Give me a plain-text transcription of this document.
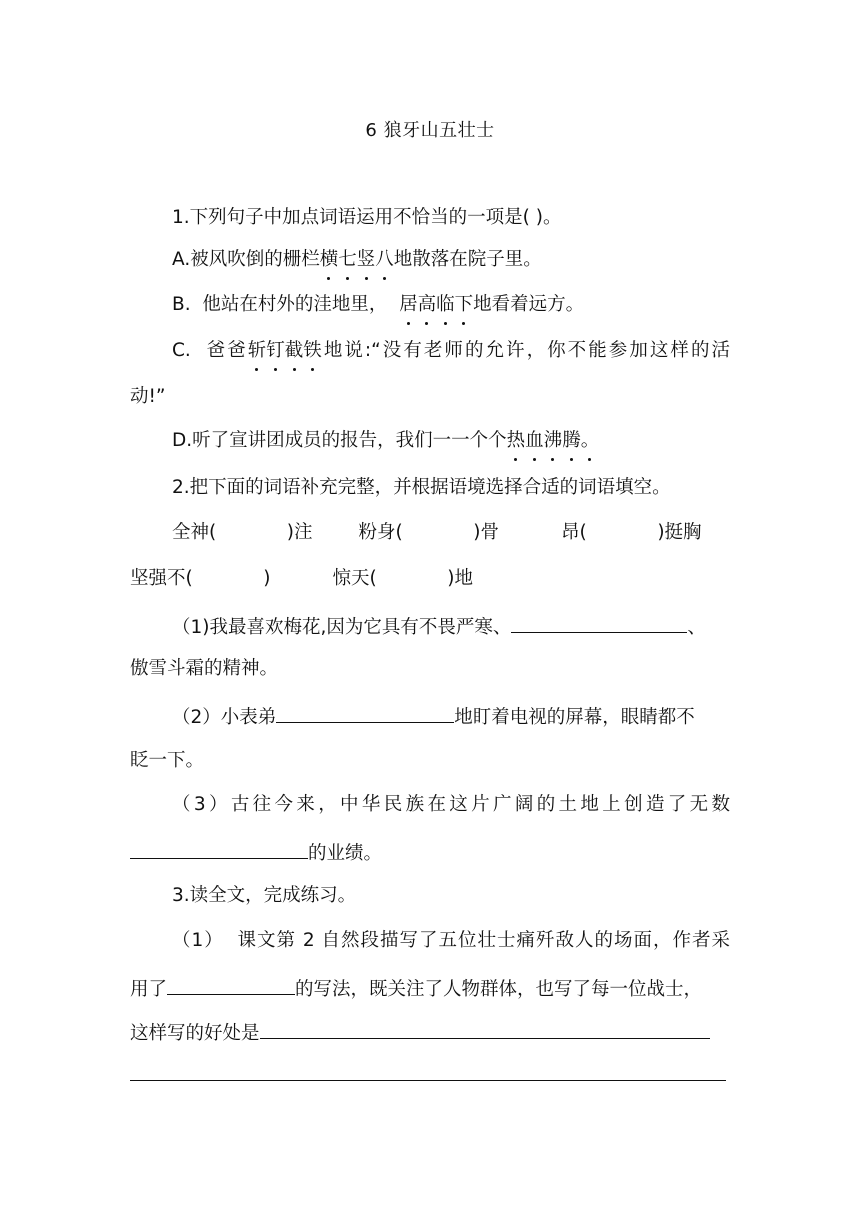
6 狼牙山五壮士
1.下列句子中加点词语运用不恰当的一项是( )。
A.被风吹倒的栅栏横七竖八地散落在院子里。
B.  他站在村外的洼地里，  居高临下地看着远方。
C.  爸爸斩钉截铁地说:“没有老师的允许，你不能参加这样的活
动!”
D.听了宣讲团成员的报告，我们一一个个热血沸腾。
2.把下面的词语补充完整，并根据语境选择合适的词语填空。
全神(            )注 粉身(            )骨	昂(            )挺胸
坚强不(            )	惊天(            )地
（1)我最喜欢梅花,因为它具有不畏严寒、	、
傲雪斗霜的精神。
（2）小表弟	地盯着电视的屏幕，眼睛都不
眨一下。
（3）古往今来，中华民族在这片广阔的土地上创造了无数
的业绩。
3.读全文，完成练习。
（1）  课文第 2 自然段描写了五位壮士痛歼敌人的场面，作者采
用了	的写法，既关注了人物群体，也写了每一位战士，
这样写的好处是
